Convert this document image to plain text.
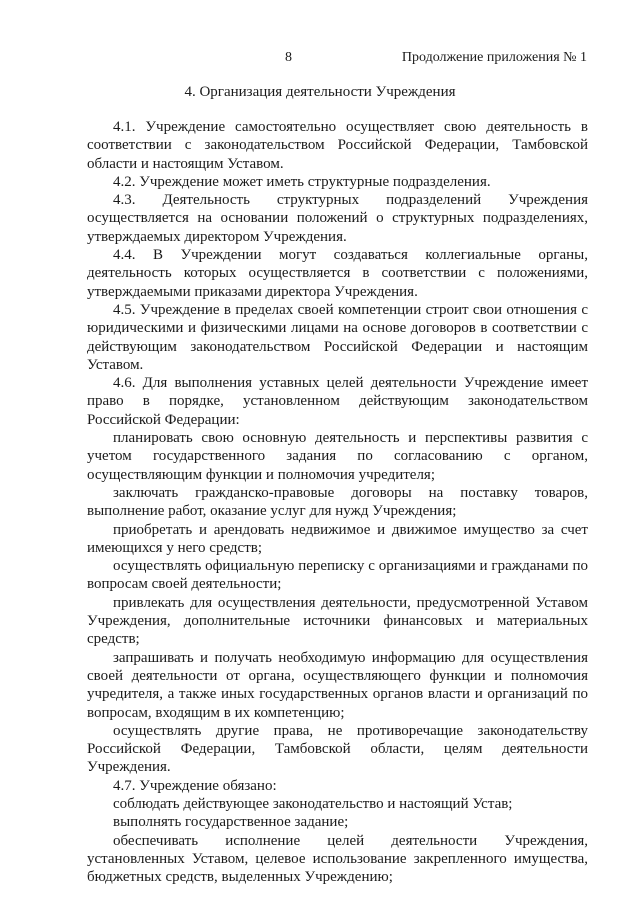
8	Продолжение приложения № 1
4. Организация деятельности Учреждения

4.1. Учреждение самостоятельно осуществляет свою деятельность в соответствии с законодательством Российской Федерации, Тамбовской области и настоящим Уставом.

4.2. Учреждение может иметь структурные подразделения.

4.3. Деятельность структурных подразделений Учреждения осуществляется на основании положений о структурных подразделениях, утверждаемых директором Учреждения.

4.4. В Учреждении могут создаваться коллегиальные органы, деятельность которых осуществляется в соответствии с положениями, утверждаемыми приказами директора Учреждения.

4.5. Учреждение в пределах своей компетенции строит свои отношения с юридическими и физическими лицами на основе договоров в соответствии с действующим законодательством Российской Федерации и настоящим Уставом.

4.6. Для выполнения уставных целей деятельности Учреждение имеет право в порядке, установленном действующим законодательством Российской Федерации:

планировать свою основную деятельность и перспективы развития с учетом государственного задания по согласованию с органом, осуществляющим функции и полномочия учредителя;

заключать гражданско-правовые договоры на поставку товаров, выполнение работ, оказание услуг для нужд Учреждения;

приобретать и арендовать недвижимое и движимое имущество за счет имеющихся у него средств;

осуществлять официальную переписку с организациями и гражданами по вопросам своей деятельности;

привлекать для осуществления деятельности, предусмотренной Уставом Учреждения, дополнительные источники финансовых и материальных средств;

запрашивать и получать необходимую информацию для осуществления своей деятельности от органа, осуществляющего функции и полномочия учредителя, а также иных государственных органов власти и организаций по вопросам, входящим в их компетенцию;

осуществлять другие права, не противоречащие законодательству Российской Федерации, Тамбовской области, целям деятельности Учреждения.

4.7. Учреждение обязано:

соблюдать действующее законодательство и настоящий Устав;

выполнять государственное задание;

обеспечивать исполнение целей деятельности Учреждения, установленных Уставом, целевое использование закрепленного имущества, бюджетных средств, выделенных Учреждению;
